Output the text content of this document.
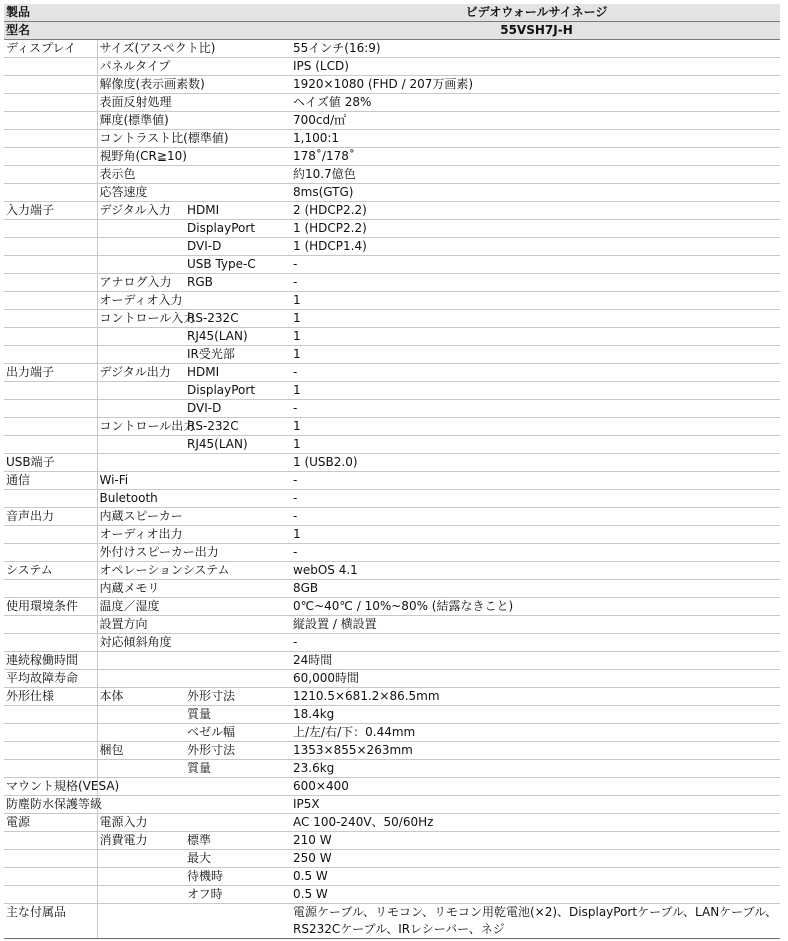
製品			ビデオウォールサイネージ
型名			55VSH7J-H
ディスプレイ	サイズ(アスペクト比)		55インチ(16:9)
	パネルタイプ		IPS (LCD)
	解像度(表示画素数)		1920×1080 (FHD / 207万画素)
	表面反射処理		ヘイズ値 28%
	輝度(標準値)		700cd/㎡
	コントラスト比(標準値)		1,100:1
	視野角(CR≧10)		178˚/178˚
	表示色		約10.7億色
	応答速度		8ms(GTG)
入力端子	デジタル入力	HDMI	2 (HDCP2.2)
		DisplayPort	1 (HDCP2.2)
		DVI-D	1 (HDCP1.4)
		USB Type-C	-
	アナログ入力	RGB	-
	オーディオ入力		1
	コントロール入力	RS-232C	1
		RJ45(LAN)	1
		IR受光部	1
出力端子	デジタル出力	HDMI	-
		DisplayPort	1
		DVI-D	-
	コントロール出力	RS-232C	1
		RJ45(LAN)	1
USB端子			1 (USB2.0)
通信	Wi-Fi		-
	Buletooth		-
音声出力	内蔵スピーカー		-
	オーディオ出力		1
	外付けスピーカー出力		-
システム	オペレーションシステム		webOS 4.1
	内蔵メモリ		8GB
使用環境条件	温度／湿度		0℃~40℃ / 10%~80% (結露なきこと)
	設置方向		縦設置 / 横設置
	対応傾斜角度		-
連続稼働時間			24時間
平均故障寿命			60,000時間
外形仕様	本体	外形寸法	1210.5×681.2×86.5mm
		質量	18.4kg
		ベゼル幅	上/左/右/下：0.44mm
	梱包	外形寸法	1353×855×263mm
		質量	23.6kg
マウント規格(VESA)			600×400
防塵防水保護等級			IP5X
電源	電源入力		AC 100-240V、50/60Hz
	消費電力	標準	210 W
		最大	250 W
		待機時	0.5 W
		オフ時	0.5 W
主な付属品			電源ケーブル、リモコン、リモコン用乾電池(×2)、DisplayPortケーブル、LANケーブル、RS232Cケーブル、IRレシーバー、ネジ
